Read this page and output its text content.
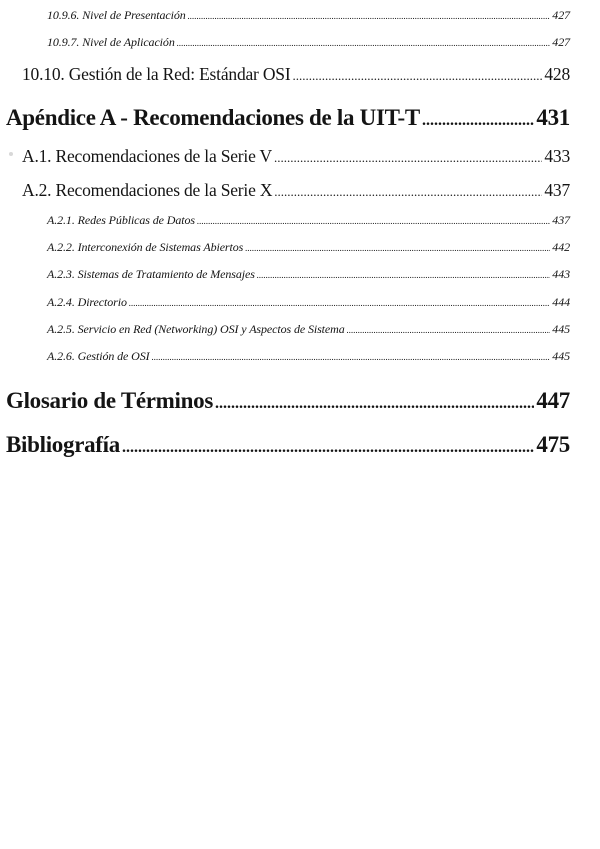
10.9.6. Nivel de Presentación .....	427
10.9.7. Nivel de Aplicación .....	427
10.10. Gestión de la Red: Estándar OSI .....	428
Apéndice A - Recomendaciones de la UIT-T .....	431
A.1. Recomendaciones de la Serie V .....	433
A.2. Recomendaciones de la Serie X .....	437
A.2.1. Redes Públicas de Datos .....	437
A.2.2. Interconexión de Sistemas Abiertos .....	442
A.2.3. Sistemas de Tratamiento de Mensajes .....	443
A.2.4. Directorio .....	444
A.2.5. Servicio en Red (Networking) OSI y Aspectos de Sistema .....	445
A.2.6. Gestión de OSI .....	445
Glosario de Términos .....	447
Bibliografía .....	475
